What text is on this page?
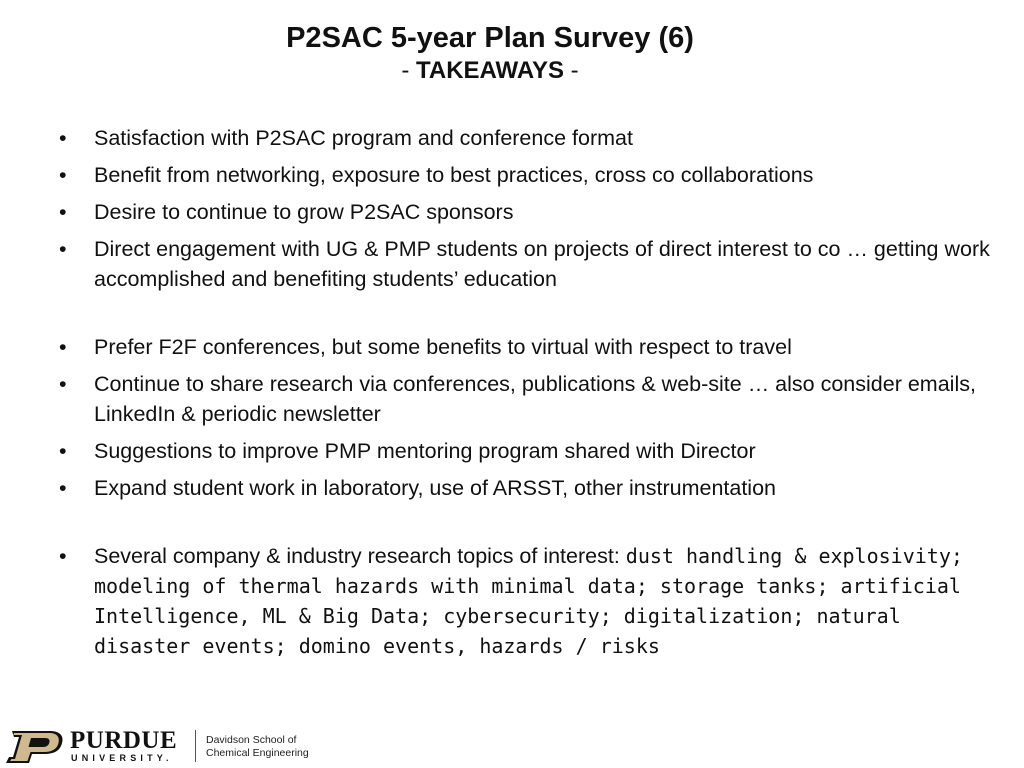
P2SAC 5-year Plan Survey (6)
- TAKEAWAYS -
• Satisfaction with P2SAC program and conference format
• Benefit from networking, exposure to best practices, cross co collaborations
• Desire to continue to grow P2SAC sponsors
• Direct engagement with UG & PMP students on projects of direct interest to co … getting work accomplished and benefiting students’ education
• Prefer F2F conferences, but some benefits to virtual with respect to travel
• Continue to share research via conferences, publications & web-site … also consider emails, LinkedIn & periodic newsletter
• Suggestions to improve PMP mentoring program shared with Director
• Expand student work in laboratory, use of ARSST, other instrumentation
• Several company & industry research topics of interest: dust handling & explosivity; modeling of thermal hazards with minimal data; storage tanks; artificial Intelligence, ML & Big Data; cybersecurity; digitalization; natural disaster events; domino events, hazards / risks
PURDUE
UNIVERSITY.
Davidson School of
Chemical Engineering
